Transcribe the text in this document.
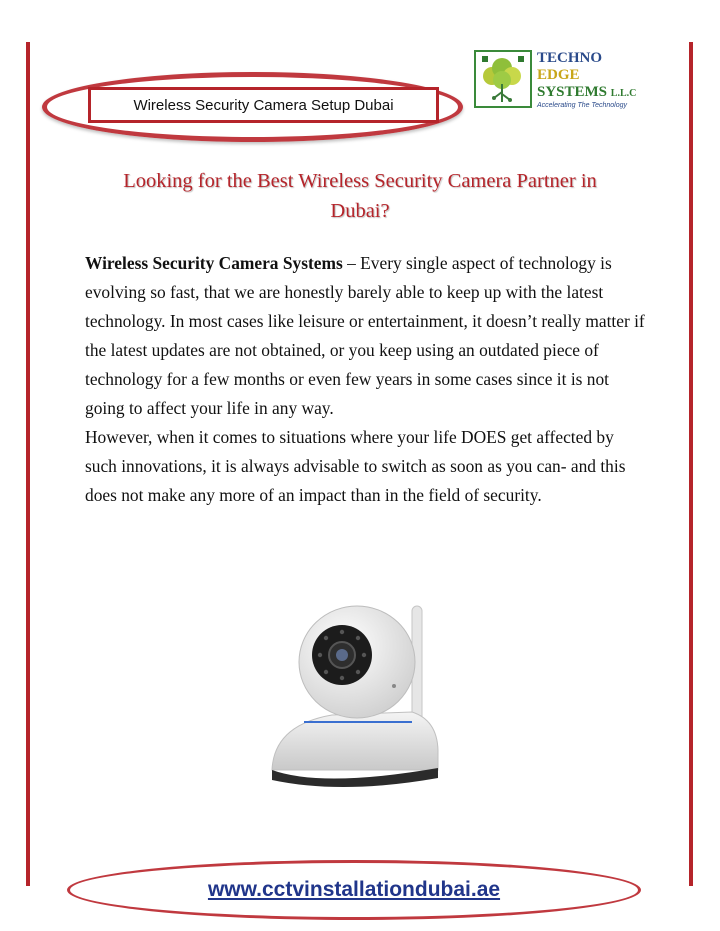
Wireless Security Camera Setup Dubai
TECHNO
EDGE
SYSTEMS L.L.C
Accelerating The Technology
Looking for the Best Wireless Security Camera Partner in
Dubai?

Wireless Security Camera Systems – Every single aspect of technology is evolving so fast, that we are honestly barely able to keep up with the latest technology. In most cases like leisure or entertainment, it doesn’t really matter if the latest updates are not obtained, or you keep using an outdated piece of technology for a few months or even few years in some cases since it is not going to affect your life in any way.

However, when it comes to situations where your life DOES get affected by such innovations, it is always advisable to switch as soon as you can- and this does not make any more of an impact than in the field of security.

www.cctvinstallationdubai.ae
